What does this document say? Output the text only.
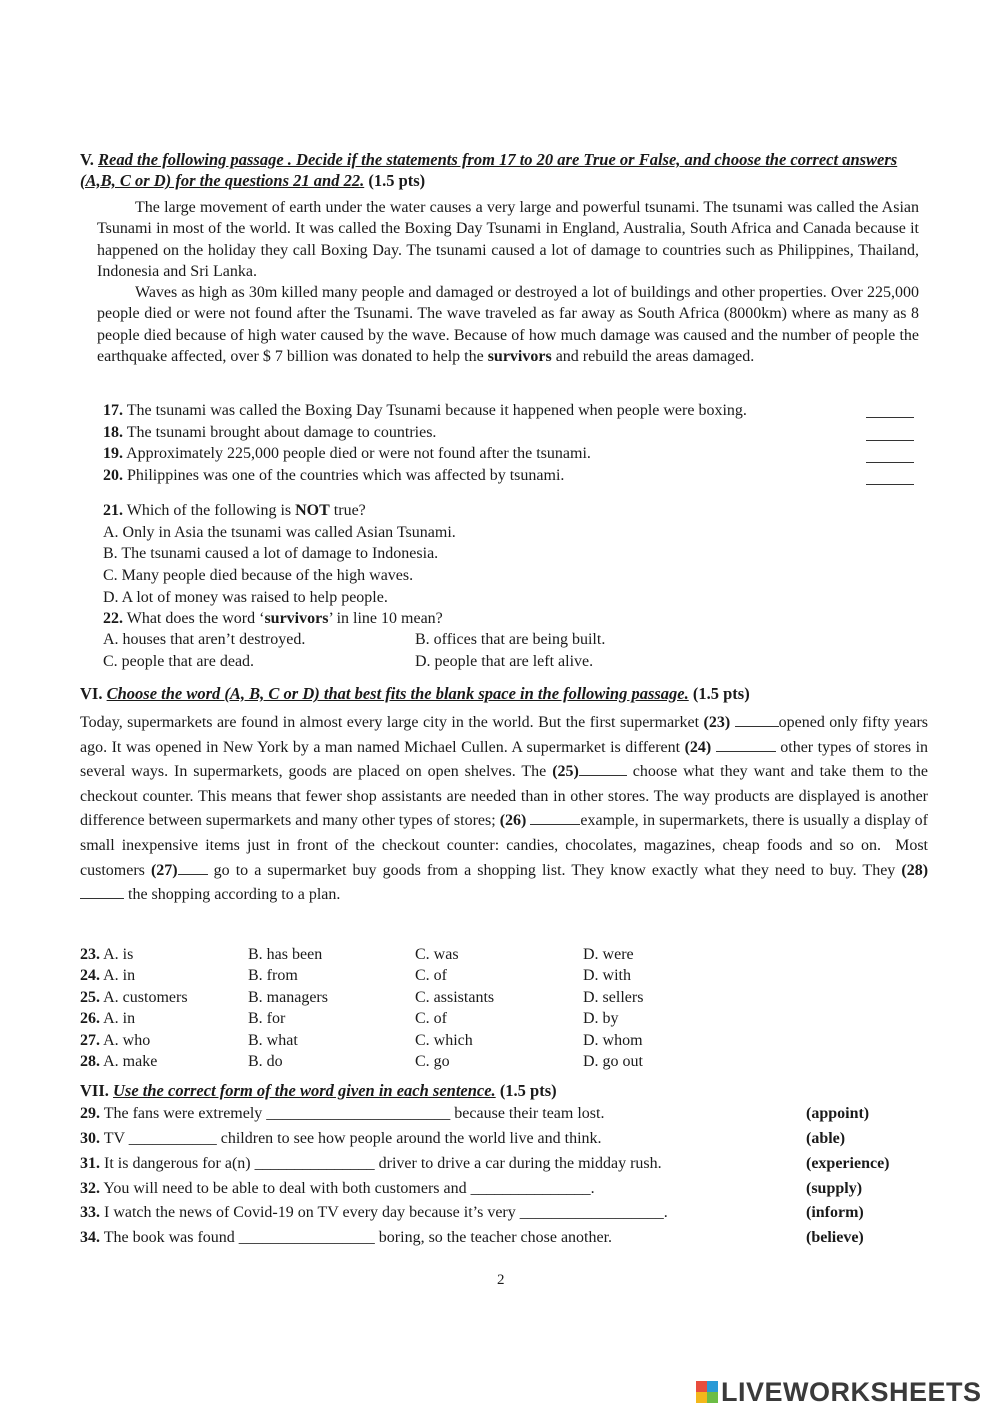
V. Read the following passage . Decide if the statements from 17 to 20 are True or False, and choose the correct answers (A,B, C or D) for the questions 21 and 22. (1.5 pts)

The large movement of earth under the water causes a very large and powerful tsunami. The tsunami was called the Asian Tsunami in most of the world. It was called the Boxing Day Tsunami in England, Australia, South Africa and Canada because it happened on the holiday they call Boxing Day. The tsunami caused a lot of damage to countries such as Philippines, Thailand, Indonesia and Sri Lanka.

Waves as high as 30m killed many people and damaged or destroyed a lot of buildings and other properties. Over 225,000 people died or were not found after the Tsunami. The wave traveled as far away as South Africa (8000km) where as many as 8 people died because of high water caused by the wave. Because of how much damage was caused and the number of people the earthquake affected, over $ 7 billion was donated to help the survivors and rebuild the areas damaged.

17. The tsunami was called the Boxing Day Tsunami because it happened when people were boxing.
18. The tsunami brought about damage to countries.
19. Approximately 225,000 people died or were not found after the tsunami.
20. Philippines was one of the countries which was affected by tsunami.
21. Which of the following is NOT true?
A. Only in Asia the tsunami was called Asian Tsunami.
B. The tsunami caused a lot of damage to Indonesia.
C. Many people died because of the high waves.
D. A lot of money was raised to help people.
22. What does the word ‘survivors’ in line 10 mean?
A. houses that aren’t destroyed.	B. offices that are being built.
C. people that are dead.	D. people that are left alive.
VI. Choose the word (A, B, C or D) that best fits the blank space in the following passage. (1.5 pts)
Today, supermarkets are found in almost every large city in the world. But the first supermarket (23)	opened only fifty years ago. It was opened in New York by a man named Michael Cullen. A supermarket is different (24)	other types of stores in several ways. In supermarkets, goods are placed on open shelves. The (25)	choose what they want and take them to the checkout counter. This means that fewer shop assistants are needed than in other stores. The way products are displayed is another difference between supermarkets and many other types of stores; (26)	example, in supermarkets, there is usually a display of small inexpensive items just in front of the checkout counter: candies, chocolates, magazines, cheap foods and so on.  Most customers (27) go to a supermarket buy goods from a shopping list. They know exactly what they need to buy. They (28)  the shopping according to a plan.
23. A. is	B. has been	C. was	D. were
24. A. in	B. from	C. of	D. with
25. A. customers	B. managers	C. assistants	D. sellers
26. A. in	B. for	C. of	D. by
27. A. who	B. what	C. which	D. whom
28. A. make	B. do	C. go	D. go out
VII. Use the correct form of the word given in each sentence. (1.5 pts)
29. The fans were extremely _______________________ because their team lost.	(appoint)
30. TV ___________ children to see how people around the world live and think.	(able)
31. It is dangerous for a(n) _______________ driver to drive a car during the midday rush.	(experience)
32. You will need to be able to deal with both customers and _______________.	(supply)
33. I watch the news of Covid-19 on TV every day because it’s very __________________.	(inform)
34. The book was found _________________ boring, so the teacher chose another.	(believe)
2
LIVEWORKSHEETS
